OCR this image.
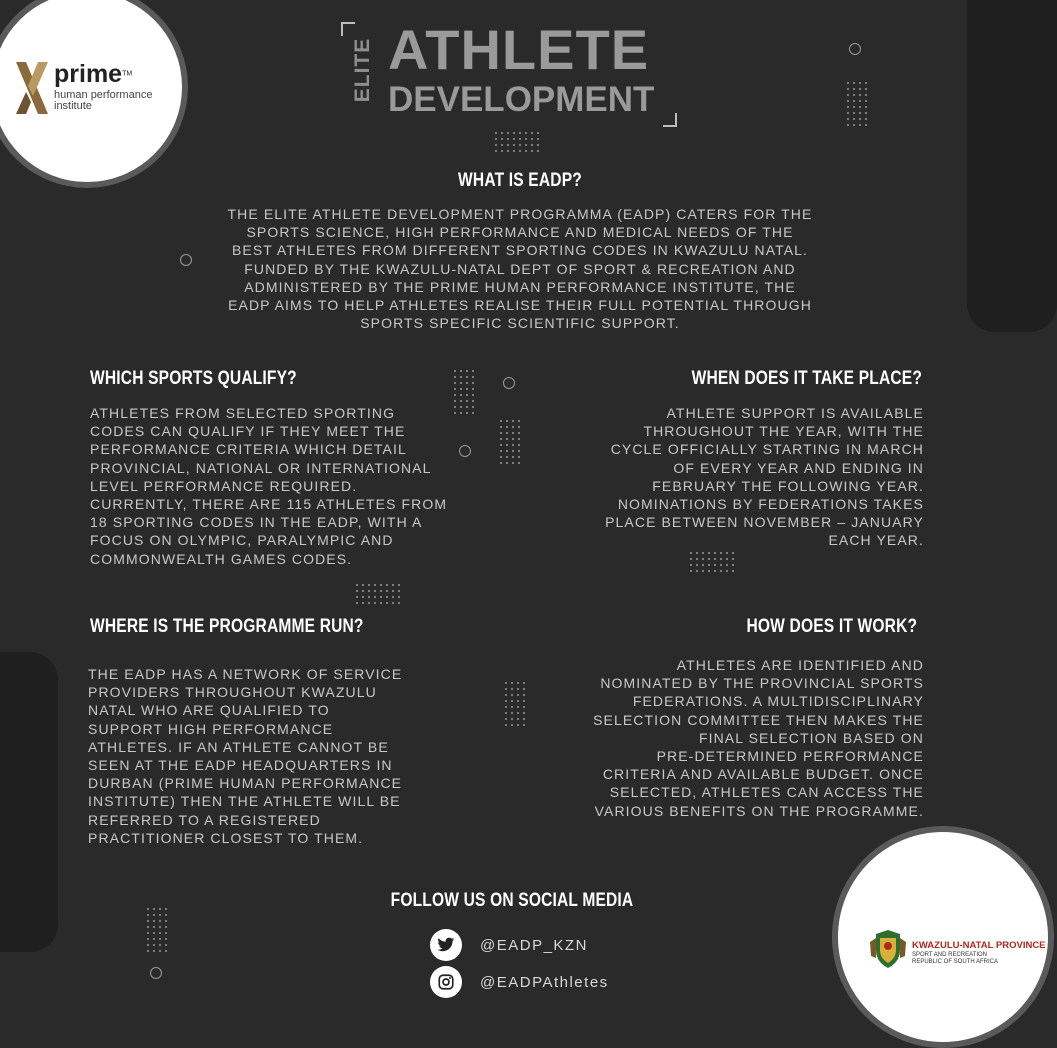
prime™
human performance
institute
ELITE ATHLETE
DEVELOPMENT
WHAT IS EADP?
THE ELITE ATHLETE DEVELOPMENT PROGRAMMA (EADP) CATERS FOR THE
SPORTS SCIENCE, HIGH PERFORMANCE AND MEDICAL NEEDS OF THE
BEST ATHLETES FROM DIFFERENT SPORTING CODES IN KWAZULU NATAL.
FUNDED BY THE KWAZULU-NATAL DEPT OF SPORT & RECREATION AND
ADMINISTERED BY THE PRIME HUMAN PERFORMANCE INSTITUTE, THE
EADP AIMS TO HELP ATHLETES REALISE THEIR FULL POTENTIAL THROUGH
SPORTS SPECIFIC SCIENTIFIC SUPPORT.
WHICH SPORTS QUALIFY?
ATHLETES FROM SELECTED SPORTING
CODES CAN QUALIFY IF THEY MEET THE
PERFORMANCE CRITERIA WHICH DETAIL
PROVINCIAL, NATIONAL OR INTERNATIONAL
LEVEL PERFORMANCE REQUIRED.
CURRENTLY, THERE ARE 115 ATHLETES FROM
18 SPORTING CODES IN THE EADP, WITH A
FOCUS ON OLYMPIC, PARALYMPIC AND
COMMONWEALTH GAMES CODES.
WHEN DOES IT TAKE PLACE?
ATHLETE SUPPORT IS AVAILABLE
THROUGHOUT THE YEAR, WITH THE
CYCLE OFFICIALLY STARTING IN MARCH
OF EVERY YEAR AND ENDING IN
FEBRUARY THE FOLLOWING YEAR.
NOMINATIONS BY FEDERATIONS TAKES
PLACE BETWEEN NOVEMBER – JANUARY
EACH YEAR.
WHERE IS THE PROGRAMME RUN?
THE EADP HAS A NETWORK OF SERVICE
PROVIDERS THROUGHOUT KWAZULU
NATAL WHO ARE QUALIFIED TO
SUPPORT HIGH PERFORMANCE
ATHLETES. IF AN ATHLETE CANNOT BE
SEEN AT THE EADP HEADQUARTERS IN
DURBAN (PRIME HUMAN PERFORMANCE
INSTITUTE) THEN THE ATHLETE WILL BE
REFERRED TO A REGISTERED
PRACTITIONER CLOSEST TO THEM.
HOW DOES IT WORK?
ATHLETES ARE IDENTIFIED AND
NOMINATED BY THE PROVINCIAL SPORTS
FEDERATIONS. A MULTIDISCIPLINARY
SELECTION COMMITTEE THEN MAKES THE
FINAL SELECTION BASED ON
PRE-DETERMINED PERFORMANCE
CRITERIA AND AVAILABLE BUDGET. ONCE
SELECTED, ATHLETES CAN ACCESS THE
VARIOUS BENEFITS ON THE PROGRAMME.
FOLLOW US ON SOCIAL MEDIA
@EADP_KZN
@EADPAthletes
KWAZULU-NATAL PROVINCE
SPORT AND RECREATION
REPUBLIC OF SOUTH AFRICA
